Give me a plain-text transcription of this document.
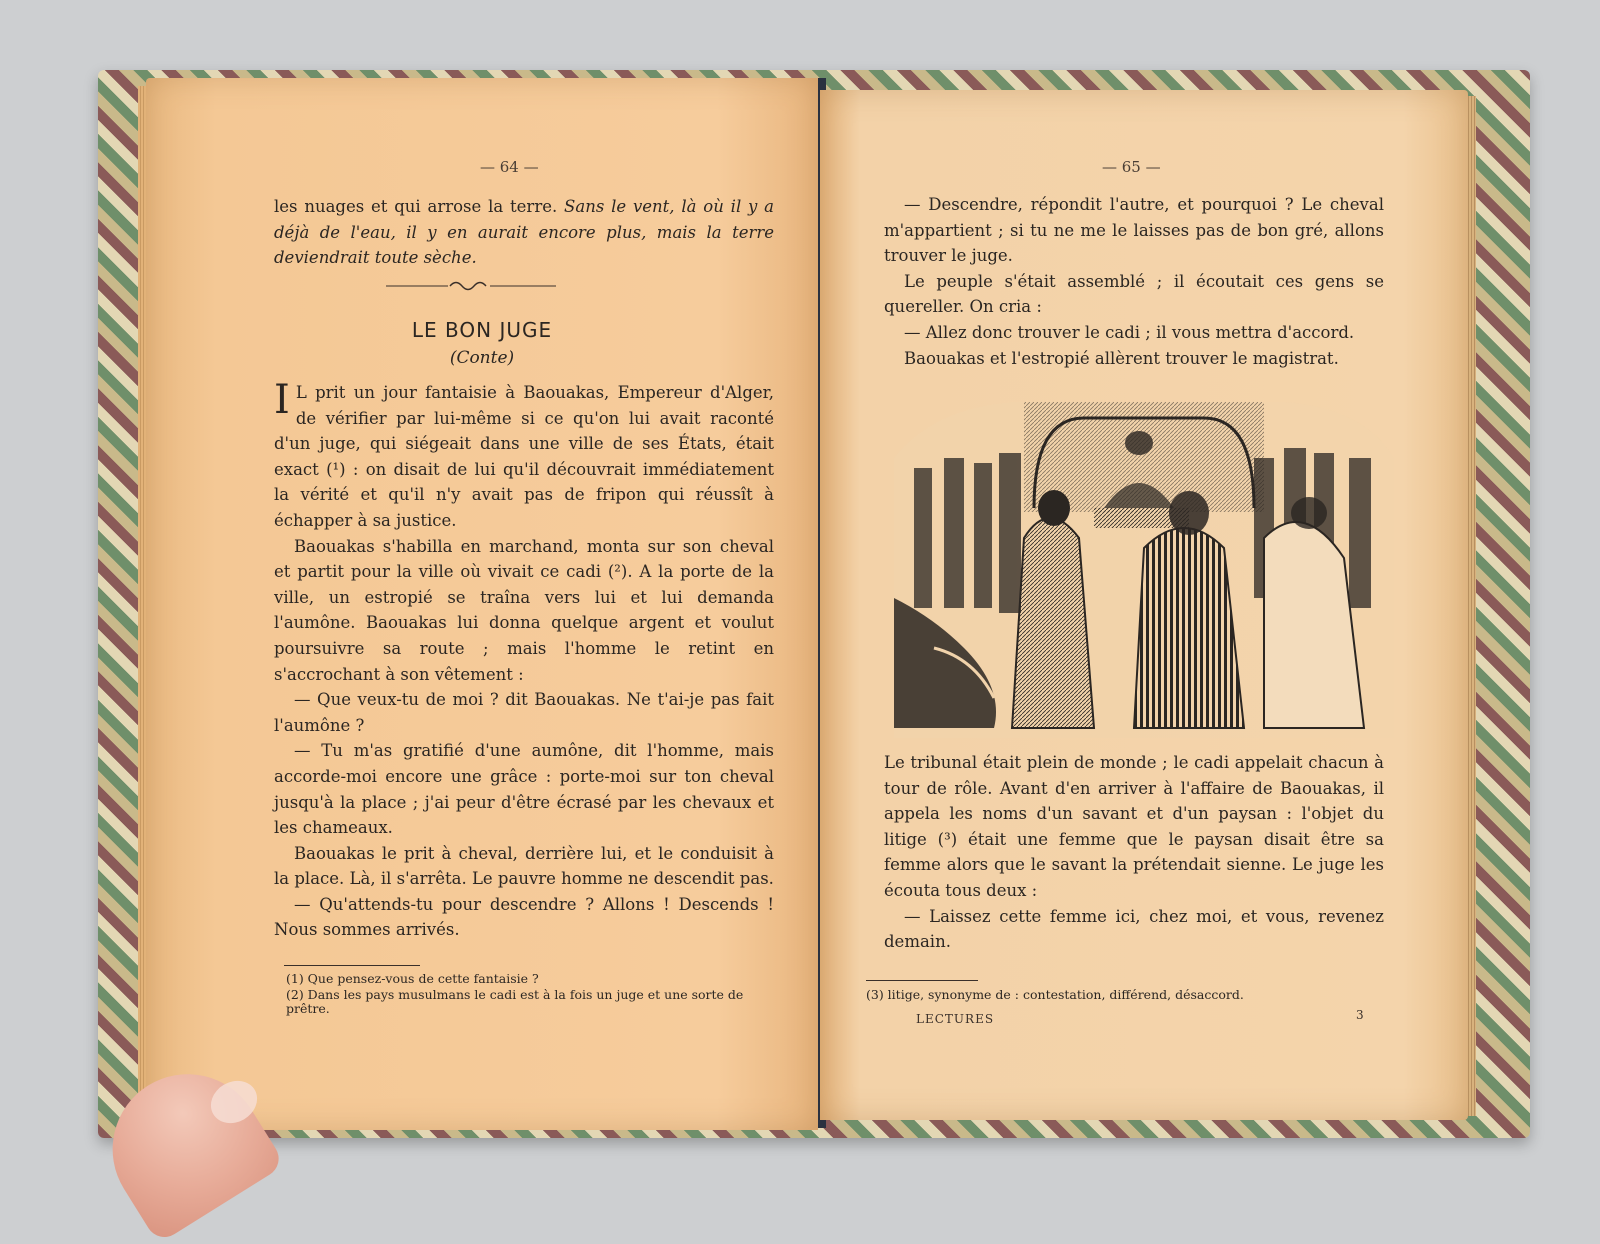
— 64 —

les nuages et qui arrose la terre. Sans le vent, là où il y a déjà de l'eau, il y en aurait encore plus, mais la terre deviendrait toute sèche.

LE BON JUGE
(Conte)

I L prit un jour fantaisie à Baouakas, Empereur d'Alger, de vérifier par lui-même si ce qu'on lui avait raconté d'un juge, qui siégeait dans une ville de ses États, était exact (¹) : on disait de lui qu'il découvrait immédiatement la vérité et qu'il n'y avait pas de fripon qui réussît à échapper à sa justice.

Baouakas s'habilla en marchand, monta sur son cheval et partit pour la ville où vivait ce cadi (²). A la porte de la ville, un estropié se traîna vers lui et lui demanda l'aumône. Baouakas lui donna quelque argent et voulut poursuivre sa route ; mais l'homme le retint en s'accrochant à son vêtement :

— Que veux-tu de moi ? dit Baouakas. Ne t'ai-je pas fait l'aumône ?

— Tu m'as gratifié d'une aumône, dit l'homme, mais accorde-moi encore une grâce : porte-moi sur ton cheval jusqu'à la place ; j'ai peur d'être écrasé par les chevaux et les chameaux.

Baouakas le prit à cheval, derrière lui, et le conduisit à la place. Là, il s'arrêta. Le pauvre homme ne descendit pas.

— Qu'attends-tu pour descendre ? Allons ! Descends ! Nous sommes arrivés.

(1) Que pensez-vous de cette fantaisie ?
(2) Dans les pays musulmans le cadi est à la fois un juge et une sorte de prêtre.
— 65 —

— Descendre, répondit l'autre, et pourquoi ? Le cheval m'appartient ; si tu ne me le laisses pas de bon gré, allons trouver le juge.

Le peuple s'était assemblé ; il écoutait ces gens se quereller. On cria :

— Allez donc trouver le cadi ; il vous mettra d'accord.

Baouakas et l'estropié allèrent trouver le magistrat.

Le tribunal était plein de monde ; le cadi appelait chacun à tour de rôle. Avant d'en arriver à l'affaire de Baouakas, il appela les noms d'un savant et d'un paysan : l'objet du litige (³) était une femme que le paysan disait être sa femme alors que le savant la prétendait sienne. Le juge les écouta tous deux :

— Laissez cette femme ici, chez moi, et vous, revenez demain.

(3) litige, synonyme de : contestation, différend, désaccord.
LECTURES	3
